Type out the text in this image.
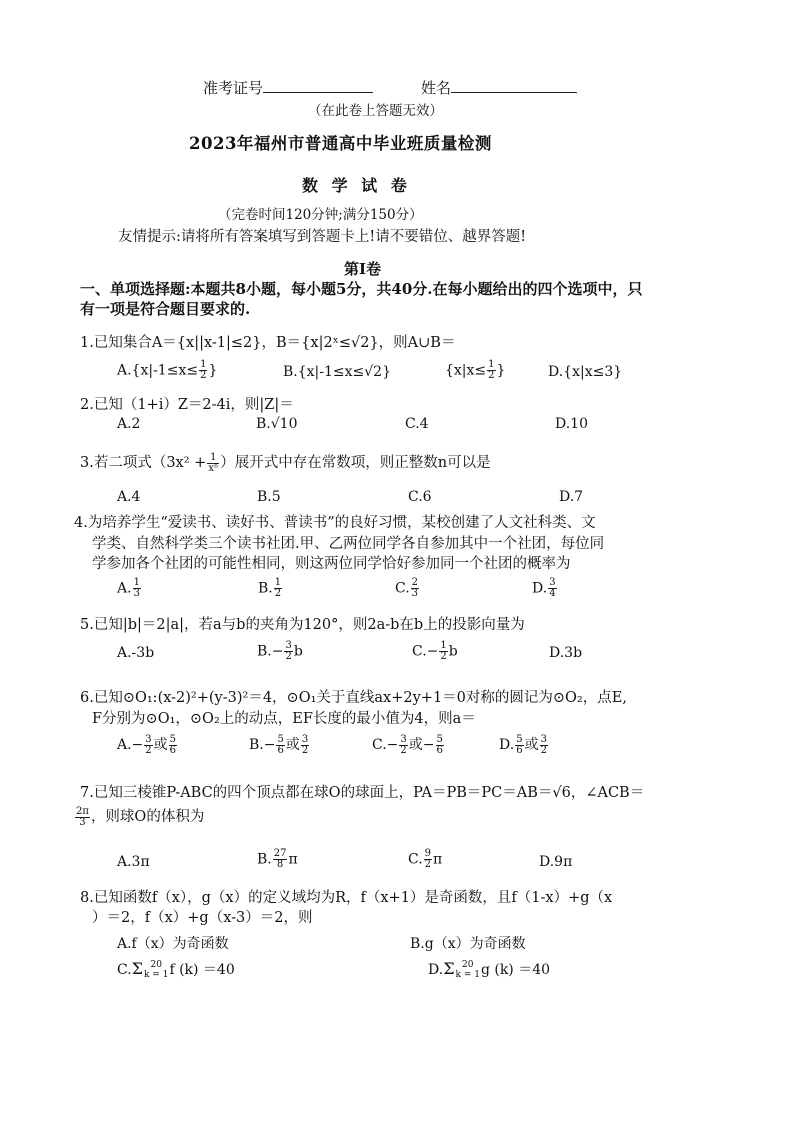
准考证号	姓名
（在此卷上答题无效）
2023年福州市普通高中毕业班质量检测
数 学 试 卷
（完卷时间120分钟;满分150分）
友情提示:请将所有答案填写到答题卡上!请不要错位、越界答题!
第Ⅰ卷
一、单项选择题:本题共8小题，每小题5分，共40分.在每小题给出的四个选项中，只
有一项是符合题目要求的.
1.已知集合A＝{x||x-1|≤2}，B＝{x|2ˣ≤√2}，则A∪B＝
$A.\{x|-1\le x\le \frac{1}{2}$ }	B.{x|-1≤x≤√2}	{$x|x\le \frac{1}{2}$ }	D.{x|x≤3}
2.已知（1+i）Z＝2-4i，则|Z|＝
A.2	B.√10	C.4	D.10
3.若二项式（$3x^2 + \frac{1}{\text{xⁿ}}$ ）展开式中存在常数项，则正整数n可以是
A.4	B.5	C.6	D.7
4.为培养学生“爱读书、读好书、普读书”的良好习惯，某校创建了人文社科类、文
学类、自然科学类三个读书社团.甲、乙两位同学各自参加其中一个社团，每位同
学参加各个社团的可能性相同，则这两位同学恰好参加同一个社团的概率为
A. $\frac{1}{3}$	B. $\frac{1}{2}$	C. $\frac{2}{3}$	D. $\frac{3}{4}$
5.已知|b|＝2|a|，若a与b的夹角为120°，则2a-b在b上的投影向量为
A.-3b	$B.- \frac{3}{2}$ b	$C.- \frac{1}{2}$ b	D.3b
6.已知⊙O₁:(x-2)²+(y-3)²＝4，⊙O₁关于直线ax+2y+1＝0对称的圆记为⊙O₂，点E,
F分别为⊙O₁，⊙O₂上的动点，EF长度的最小值为4，则a＝
$A.- \frac{3}{2}$ 或 $\frac{5}{6}$	$B.- \frac{5}{6}$ 或 $\frac{3}{2}$	$C.- \frac{3}{2}$ 或− $\frac{5}{6}$	D. $\frac{5}{6}$ 或 $\frac{3}{2}$
7.已知三棱锥P-ABC的四个顶点都在球O的球面上，PA＝PB＝PC＝AB＝√6，∠ACB＝
$\frac{2\pi}{3}$ ，则球O的体积为
A.3π	B. $\frac{27}{8}$ π	C. $\frac{9}{2}$ π	D.9π
8.已知函数f（x），g（x）的定义域均为R，f（x+1）是奇函数，且f（1-x）+g（x
）＝2，f（x）+g（x-3）＝2，则
A.f（x）为奇函数	B.g（x）为奇函数
C.Σ 20
k = 1 f (k) ＝40	D.Σ 20
k = 1 g (k) ＝40
